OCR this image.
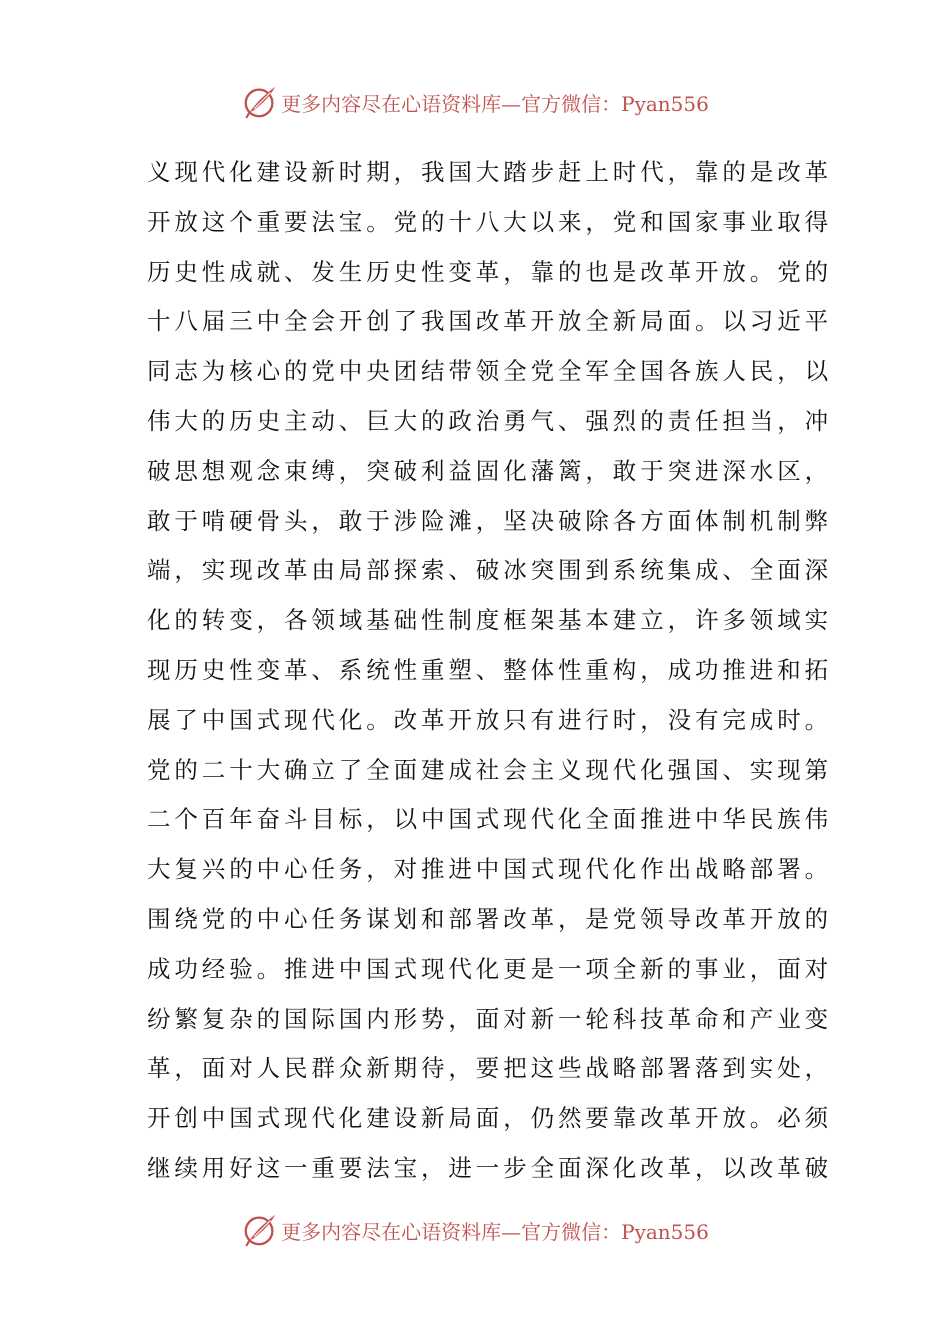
更多内容尽在心语资料库—官方微信：Pyan556
义现代化建设新时期，我国大踏步赶上时代，靠的是改革
开放这个重要法宝。党的十八大以来，党和国家事业取得
历史性成就、发生历史性变革，靠的也是改革开放。党的
十八届三中全会开创了我国改革开放全新局面。以习近平
同志为核心的党中央团结带领全党全军全国各族人民，以
伟大的历史主动、巨大的政治勇气、强烈的责任担当，冲
破思想观念束缚，突破利益固化藩篱，敢于突进深水区，
敢于啃硬骨头，敢于涉险滩，坚决破除各方面体制机制弊
端，实现改革由局部探索、破冰突围到系统集成、全面深
化的转变，各领域基础性制度框架基本建立，许多领域实
现历史性变革、系统性重塑、整体性重构，成功推进和拓
展了中国式现代化。改革开放只有进行时，没有完成时。
党的二十大确立了全面建成社会主义现代化强国、实现第
二个百年奋斗目标，以中国式现代化全面推进中华民族伟
大复兴的中心任务，对推进中国式现代化作出战略部署。
围绕党的中心任务谋划和部署改革，是党领导改革开放的
成功经验。推进中国式现代化更是一项全新的事业，面对
纷繁复杂的国际国内形势，面对新一轮科技革命和产业变
革，面对人民群众新期待，要把这些战略部署落到实处，
开创中国式现代化建设新局面，仍然要靠改革开放。必须
继续用好这一重要法宝，进一步全面深化改革，以改革破
更多内容尽在心语资料库—官方微信：Pyan556
